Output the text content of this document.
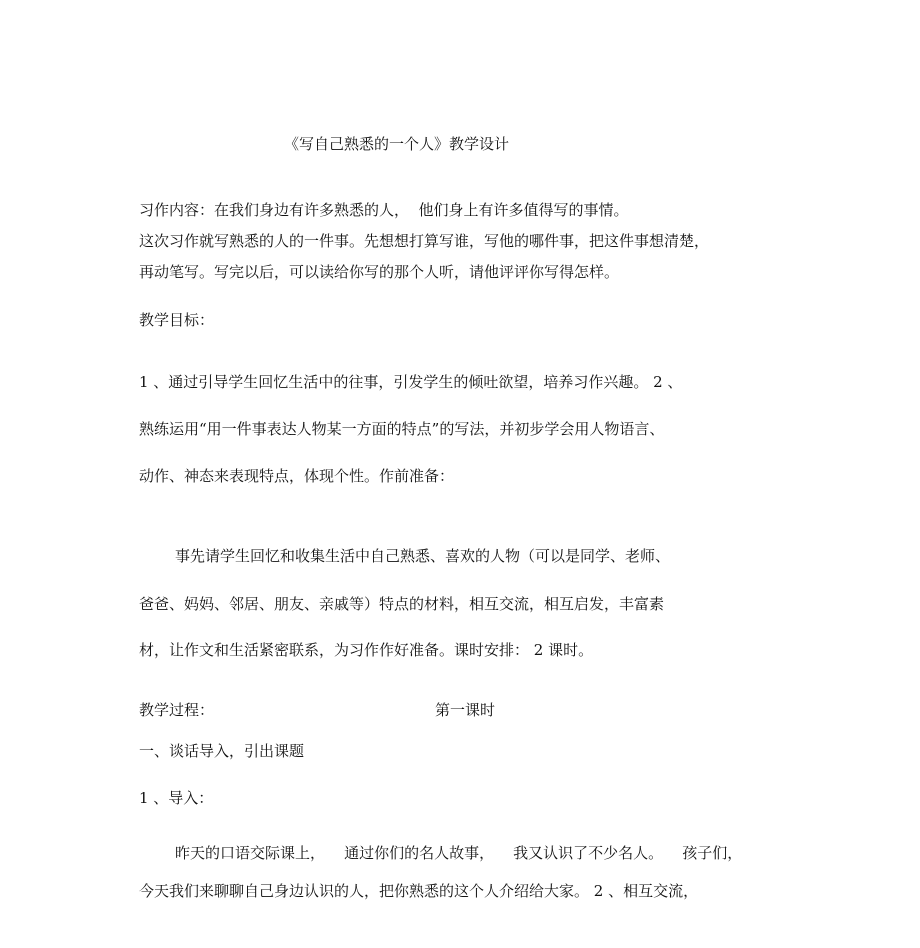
《写自己熟悉的一个人》教学设计
习作内容：在我们身边有许多熟悉的人，  他们身上有许多值得写的事情。
这次习作就写熟悉的人的一件事。先想想打算写谁，写他的哪件事，把这件事想清楚，
再动笔写。写完以后，可以读给你写的那个人听，请他评评你写得怎样。
教学目标：
1 、通过引导学生回忆生活中的往事，引发学生的倾吐欲望，培养习作兴趣。 2 、
熟练运用“用一件事表达人物某一方面的特点”的写法，并初步学会用人物语言、
动作、神态来表现特点，体现个性。作前准备：
事先请学生回忆和收集生活中自己熟悉、喜欢的人物（可以是同学、老师、
爸爸、妈妈、邻居、朋友、亲戚等）特点的材料，相互交流，相互启发，丰富素
材，让作文和生活紧密联系，为习作作好准备。课时安排： 2 课时。
教学过程：	第一课时
一、谈话导入，引出课题
1 、导入：
昨天的口语交际课上，    通过你们的名人故事，    我又认识了不少名人。    孩子们，
今天我们来聊聊自己身边认识的人，把你熟悉的这个人介绍给大家。 2 、相互交流，
